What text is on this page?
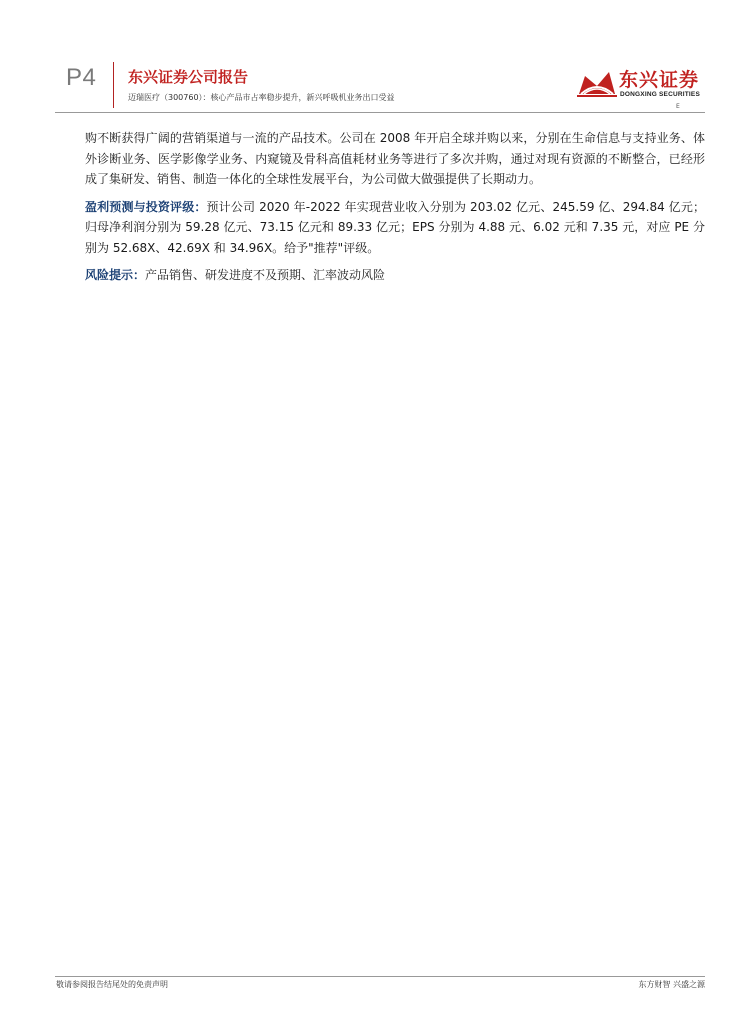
P4 东兴证券公司报告
迈瑞医疗（300760）：核心产品市占率稳步提升，新兴呼吸机业务出口受益
东兴证券
DONGXING SECURITIES
E

购不断获得广阔的营销渠道与一流的产品技术。公司在 2008 年开启全球并购以来，分别在生命信息与支持业务、体外诊断业务、医学影像学业务、内窥镜及骨科高值耗材业务等进行了多次并购，通过对现有资源的不断整合，已经形成了集研发、销售、制造一体化的全球性发展平台，为公司做大做强提供了长期动力。

盈利预测与投资评级：预计公司 2020 年-2022 年实现营业收入分别为 203.02 亿元、245.59 亿、294.84 亿元；归母净利润分别为 59.28 亿元、73.15 亿元和 89.33 亿元；EPS 分别为 4.88 元、6.02 元和 7.35 元，对应 PE 分别为 52.68X、42.69X 和 34.96X。给予"推荐"评级。

风险提示：产品销售、研发进度不及预期、汇率波动风险

敬请参阅报告结尾处的免责声明	东方财智 兴盛之源
